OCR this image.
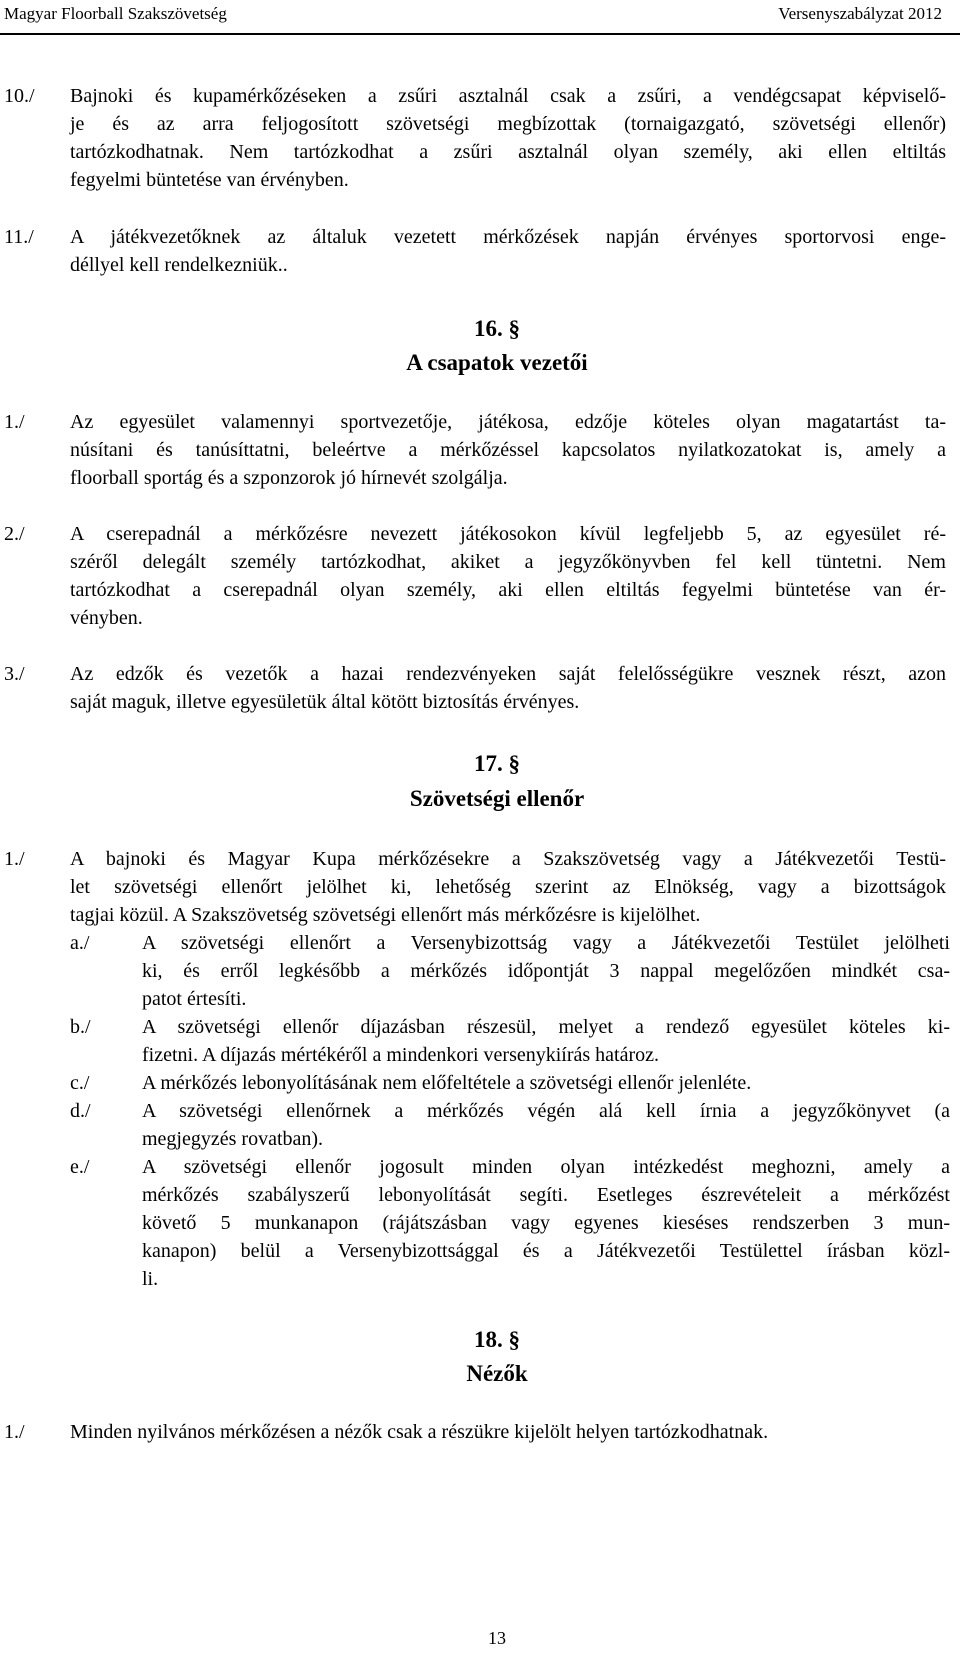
Magyar Floorball Szakszövetség	Versenyszabályzat 2012
10./ Bajnoki és kupamérkőzéseken a zsűri asztalnál csak a zsűri, a vendégcsapat képviselő-
je és az arra feljogosított szövetségi megbízottak (tornaigazgató, szövetségi ellenőr)
tartózkodhatnak. Nem tartózkodhat a zsűri asztalnál olyan személy, aki ellen eltiltás
fegyelmi büntetése van érvényben.
11./ A játékvezetőknek az általuk vezetett mérkőzések napján érvényes sportorvosi enge-
déllyel kell rendelkezniük..
16. §
A csapatok vezetői
1./ Az egyesület valamennyi sportvezetője, játékosa, edzője köteles olyan magatartást ta-
núsítani és tanúsíttatni, beleértve a mérkőzéssel kapcsolatos nyilatkozatokat is, amely a
floorball sportág és a szponzorok jó hírnevét szolgálja.
2./ A cserepadnál a mérkőzésre nevezett játékosokon kívül legfeljebb 5, az egyesület ré-
széről delegált személy tartózkodhat, akiket a jegyzőkönyvben fel kell tüntetni. Nem
tartózkodhat a cserepadnál olyan személy, aki ellen eltiltás fegyelmi büntetése van ér-
vényben.
3./ Az edzők és vezetők a hazai rendezvényeken saját felelősségükre vesznek részt, azon
saját maguk, illetve egyesületük által kötött biztosítás érvényes.
17. §
Szövetségi ellenőr
1./ A bajnoki és Magyar Kupa mérkőzésekre a Szakszövetség vagy a Játékvezetői Testü-
let szövetségi ellenőrt jelölhet ki, lehetőség szerint az Elnökség, vagy a bizottságok
tagjai közül. A Szakszövetség szövetségi ellenőrt más mérkőzésre is kijelölhet.
a./	A szövetségi ellenőrt a Versenybizottság vagy a Játékvezetői Testület jelölheti
ki, és erről legkésőbb a mérkőzés időpontját 3 nappal megelőzően mindkét csa-
patot értesíti.
b./	A szövetségi ellenőr díjazásban részesül, melyet a rendező egyesület köteles ki-
fizetni. A díjazás mértékéről a mindenkori versenykiírás határoz.
c./	A mérkőzés lebonyolításának nem előfeltétele a szövetségi ellenőr jelenléte.
d./	A szövetségi ellenőrnek a mérkőzés végén alá kell írnia a jegyzőkönyvet (a
megjegyzés rovatban).
e./	A szövetségi ellenőr jogosult minden olyan intézkedést meghozni, amely a
mérkőzés szabályszerű lebonyolítását segíti. Esetleges észrevételeit a mérkőzést
követő 5 munkanapon (rájátszásban vagy egyenes kieséses rendszerben 3 mun-
kanapon) belül a Versenybizottsággal és a Játékvezetői Testülettel írásban közl-
li.
18. §
Nézők
1./ Minden nyilvános mérkőzésen a nézők csak a részükre kijelölt helyen tartózkodhatnak.
13
